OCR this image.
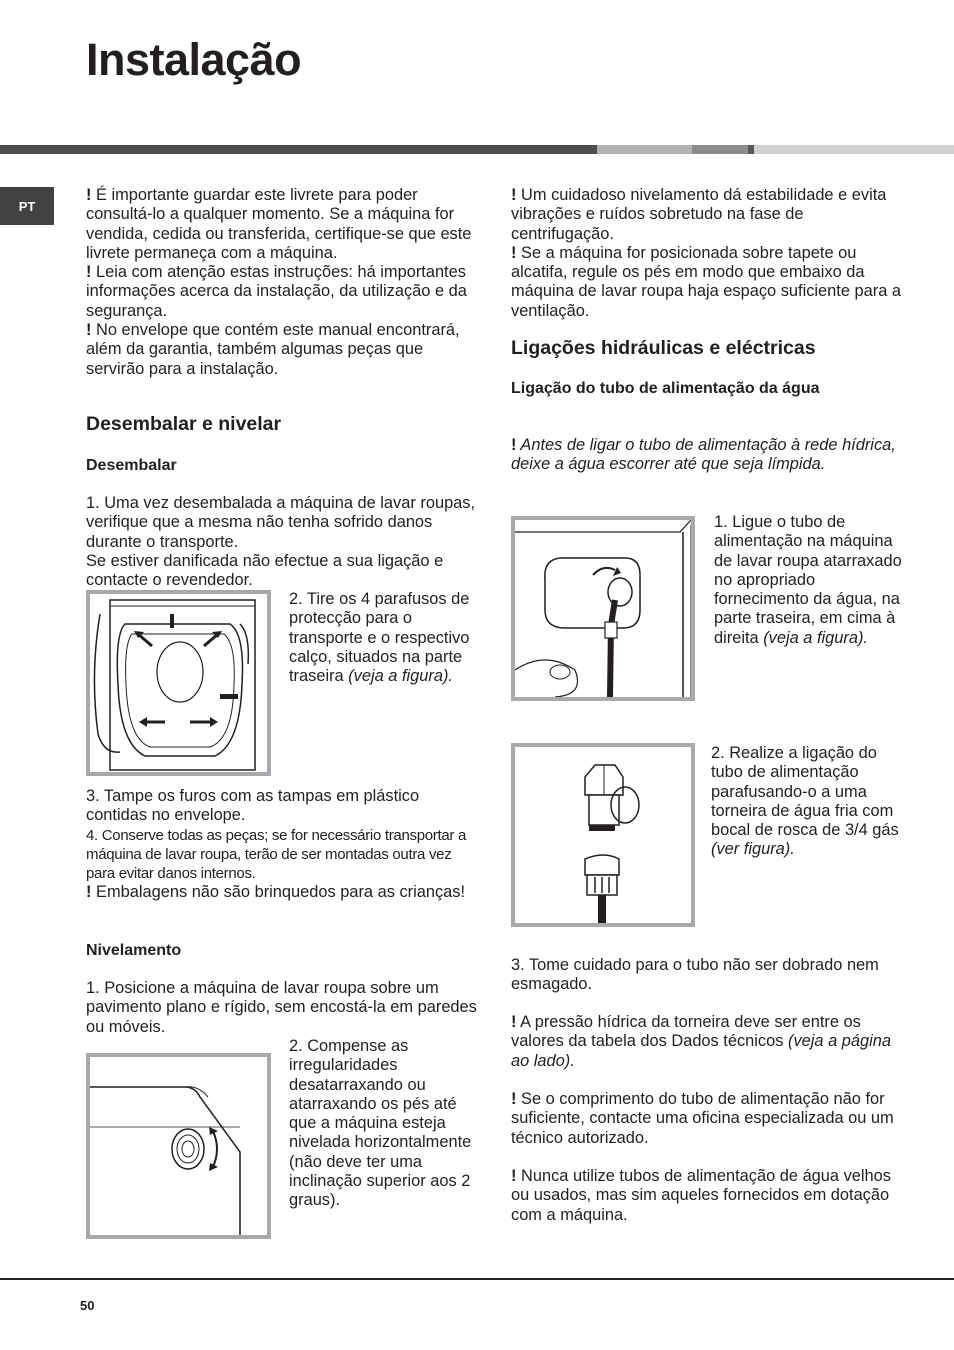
Instalação
PT

! É importante guardar este livrete para poder consultá-lo a qualquer momento. Se a máquina for vendida, cedida ou transferida, certifique-se que este livrete permaneça com a máquina.

! Leia com atenção estas instruções: há importantes informações acerca da instalação, da utilização e da segurança.

! No envelope que contém este manual encontrará, além da garantia, também algumas peças que servirão para a instalação.

Desembalar e nivelar
Desembalar

1. Uma vez desembalada a máquina de lavar roupas, verifique que a mesma não tenha sofrido danos durante o transporte.

Se estiver danificada não efectue a sua ligação e contacte o revendedor.

2. Tire os 4 parafusos de protecção para o transporte e o respectivo calço, situados na parte traseira (veja a figura).

3. Tampe os furos com as tampas em plástico contidas no envelope.

4. Conserve todas as peças; se for necessário transportar a máquina de lavar roupa, terão de ser montadas outra vez para evitar danos internos.

! Embalagens não são brinquedos para as crianças!

Nivelamento

1. Posicione a máquina de lavar roupa sobre um pavimento plano e rígido, sem encostá-la em paredes ou móveis.

2. Compense as irregularidades desatarraxando ou atarraxando os pés até que a máquina esteja nivelada horizontalmente (não deve ter uma inclinação superior aos 2 graus).

! Um cuidadoso nivelamento dá estabilidade e evita vibrações e ruídos sobretudo na fase de centrifugação.

! Se a máquina for posicionada sobre tapete ou alcatifa, regule os pés em modo que embaixo da máquina de lavar roupa haja espaço suficiente para a ventilação.

Ligações hidráulicas e eléctricas
Ligação do tubo de alimentação da água

! Antes de ligar o tubo de alimentação à rede hídrica, deixe a água escorrer até que seja límpida.

1. Ligue o tubo de alimentação na máquina de lavar roupa atarraxado no apropriado fornecimento da água, na parte traseira, em cima à direita (veja a figura).

2. Realize a ligação do tubo de alimentação parafusando-o a uma torneira de água fria com bocal de rosca de 3/4 gás (ver figura).

3. Tome cuidado para o tubo não ser dobrado nem esmagado.

! A pressão hídrica da torneira deve ser entre os valores da tabela dos Dados técnicos (veja a página ao lado).

! Se o comprimento do tubo de alimentação não for suficiente, contacte uma oficina especializada ou um técnico autorizado.

! Nunca utilize tubos de alimentação de água velhos ou usados, mas sim aqueles fornecidos em dotação com a máquina.

50
